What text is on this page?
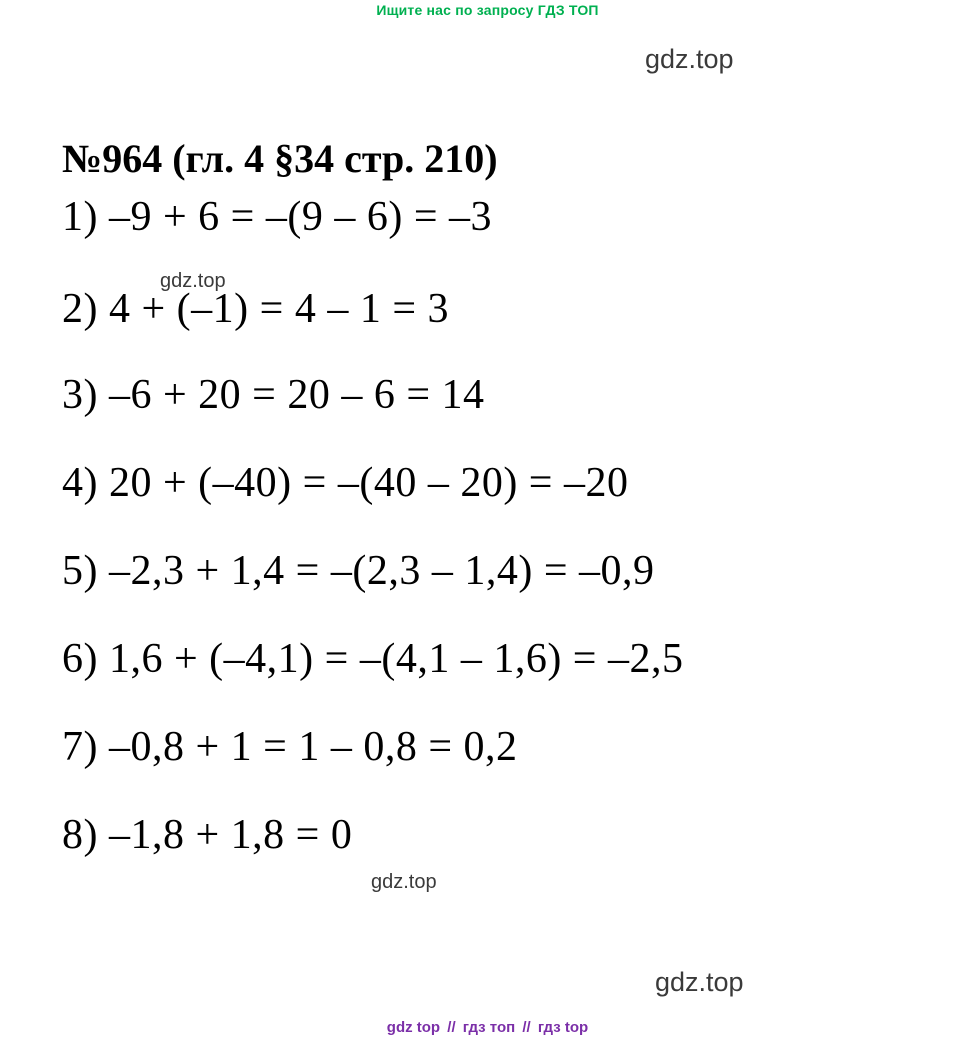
Ищите нас по запросу ГДЗ ТОП
gdz.top
№964 (гл. 4 §34 стр. 210)
1) –9 + 6 = –(9 – 6) = –3
2) 4 + (–1) = 4 – 1 = 3
3) –6 + 20 = 20 – 6 = 14
4) 20 + (–40) = –(40 – 20) = –20
5) –2,3 + 1,4 = –(2,3 – 1,4) = –0,9
6) 1,6 + (–4,1) = –(4,1 – 1,6) = –2,5
7) –0,8 + 1 = 1 – 0,8 = 0,2
8) –1,8 + 1,8 = 0
gdz.top
gdz.top
gdz.top
gdz top // гдз топ // гдз top
